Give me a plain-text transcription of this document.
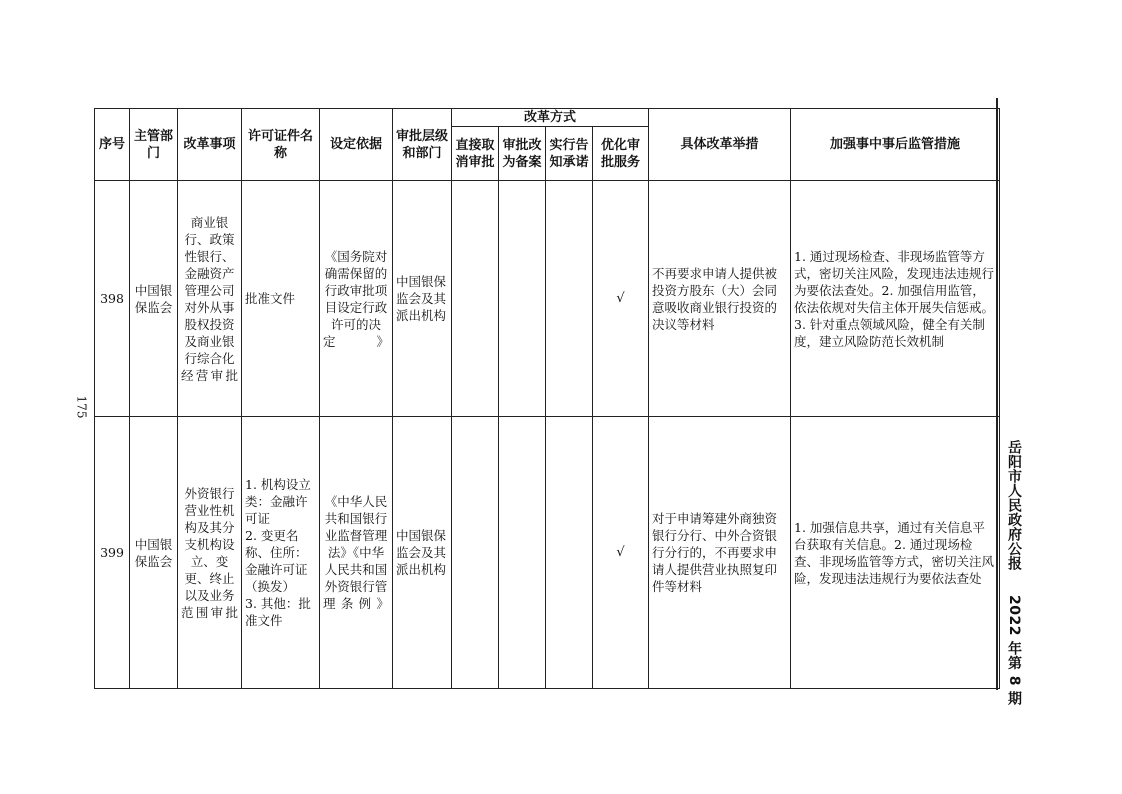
175
序号	主管部门	改革事项	许可证件名称	设定依据	审批层级和部门	改革方式				具体改革举措	加强事中事后监管措施
						直接取消审批	审批改为备案	实行告知承诺	优化审批服务		
398	中国银保监会	商业银行、政策性银行、金融资产管理公司对外从事股权投资及商业银行综合化经营审批	批准文件	《国务院对确需保留的行政审批项目设定行政许可的决定》	中国银保监会及其派出机构				√	不再要求申请人提供被投资方股东（大）会同意吸收商业银行投资的决议等材料	1. 通过现场检查、非现场监管等方式，密切关注风险，发现违法违规行为要依法查处。2. 加强信用监管，依法依规对失信主体开展失信惩戒。3. 针对重点领域风险，健全有关制度，建立风险防范长效机制
399	中国银保监会	外资银行营业性机构及其分支机构设立、变更、终止以及业务范围审批	1. 机构设立类：金融许可证
2. 变更名称、住所：金融许可证（换发）
3. 其他：批准文件	《中华人民共和国银行业监督管理法》《中华人民共和国外资银行管理条例》	中国银保监会及其派出机构				√	对于申请筹建外商独资银行分行、中外合资银行分行的，不再要求申请人提供营业执照复印件等材料	1. 加强信息共享，通过有关信息平台获取有关信息。2. 通过现场检查、非现场监管等方式，密切关注风险，发现违法违规行为要依法查处
岳阳市人民政府公报  2022 年第 8 期
